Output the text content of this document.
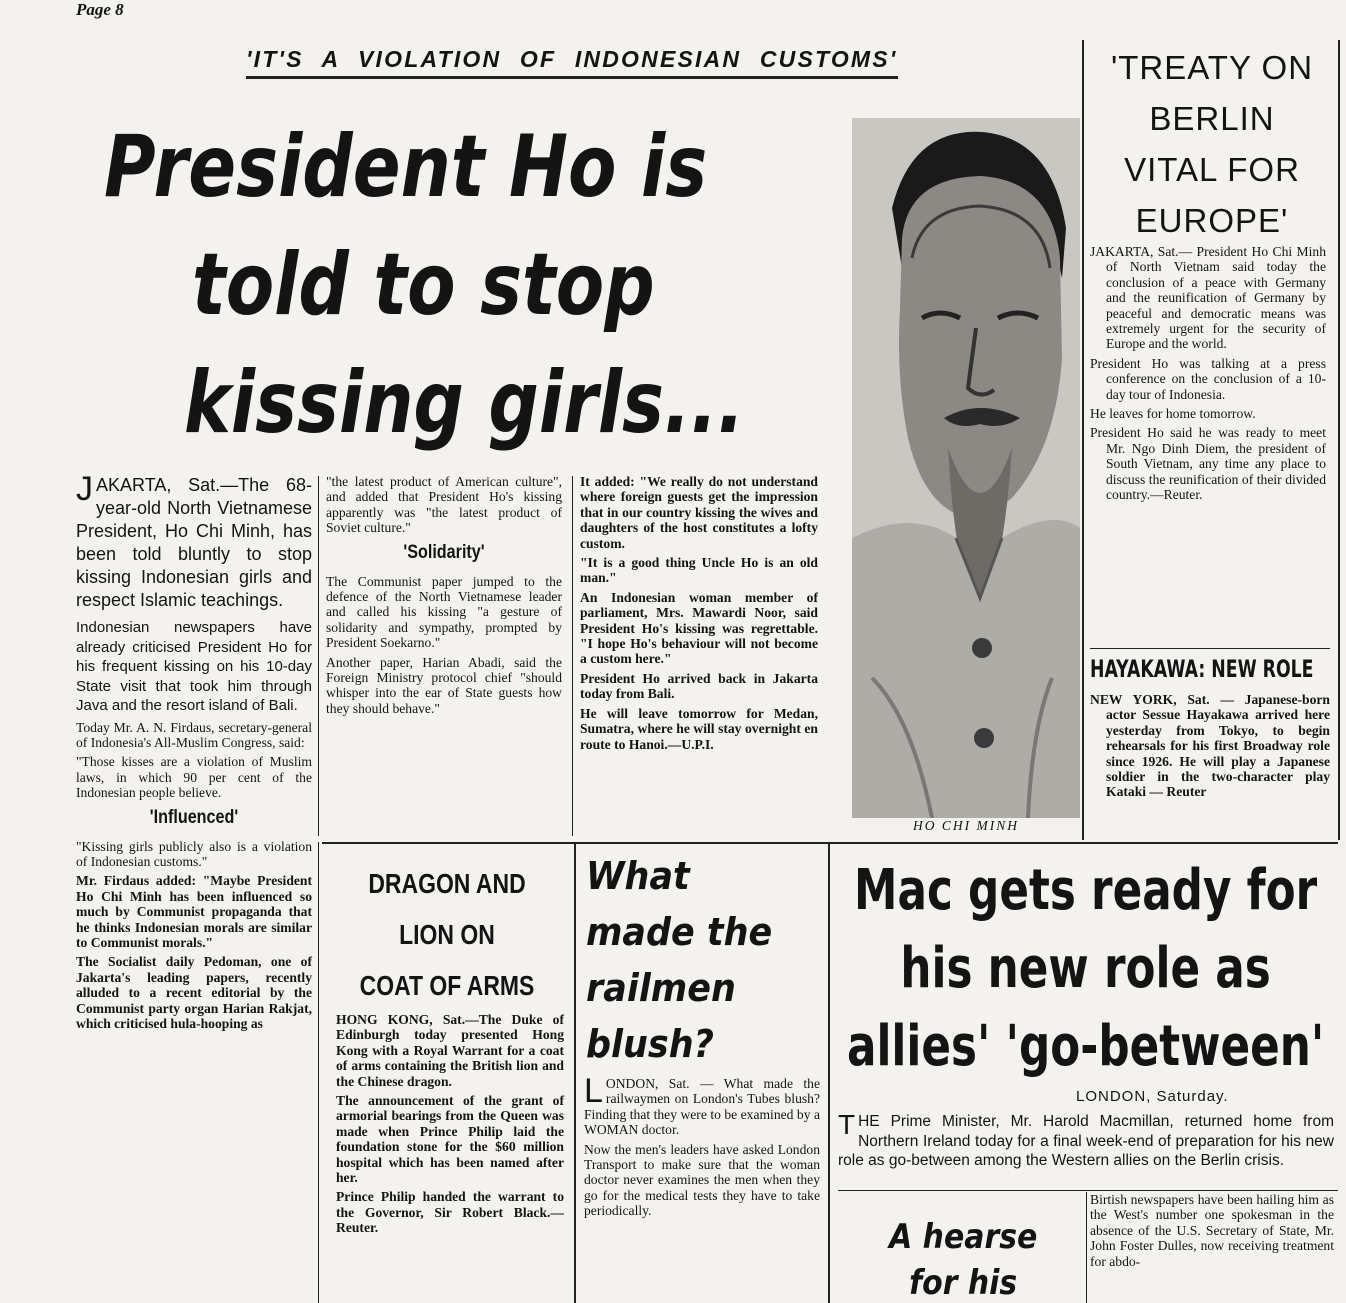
Page 8
'IT'S A VIOLATION OF INDONESIAN CUSTOMS'
President Ho is
told to stop
kissing girls...
JAKARTA, Sat.—The 68-year-old North Vietnamese President, Ho Chi Minh, has been told bluntly to stop kissing Indonesian girls and respect Islamic teachings.
Indonesian newspapers have already criticised President Ho for his frequent kissing on his 10-day State visit that took him through Java and the resort island of Bali.
Today Mr. A. N. Firdaus, secretary-general of Indonesia's All-Muslim Congress, said:
"Those kisses are a violation of Muslim laws, in which 90 per cent of the Indonesian people believe.
'Influenced'
"Kissing girls publicly also is a violation of Indonesian customs."
Mr. Firdaus added: "Maybe President Ho Chi Minh has been influenced so much by Communist propaganda that he thinks Indonesian morals are similar to Communist morals."
The Socialist daily Pedoman, one of Jakarta's leading papers, recently alluded to a recent editorial by the Communist party organ Harian Rakjat, which criticised hula-hooping as
"the latest product of American culture", and added that President Ho's kissing apparently was "the latest product of Soviet culture."
'Solidarity'
The Communist paper jumped to the defence of the North Vietnamese leader and called his kissing "a gesture of solidarity and sympathy, prompted by President Soekarno."
Another paper, Harian Abadi, said the Foreign Ministry protocol chief "should whisper into the ear of State guests how they should behave."
It added: "We really do not understand where foreign guests get the impression that in our country kissing the wives and daughters of the host constitutes a lofty custom.
"It is a good thing Uncle Ho is an old man."
An Indonesian woman member of parliament, Mrs. Mawardi Noor, said President Ho's kissing was regrettable. "I hope Ho's behaviour will not become a custom here."
President Ho arrived back in Jakarta today from Bali.
He will leave tomorrow for Medan, Sumatra, where he will stay overnight en route to Hanoi.—U.P.I.
HO CHI MINH
'TREATY ON
BERLIN
VITAL FOR
EUROPE'
JAKARTA, Sat.— President Ho Chi Minh of North Vietnam said today the conclusion of a peace with Germany and the reunification of Germany by peaceful and democratic means was extremely urgent for the security of Europe and the world.
President Ho was talking at a press conference on the conclusion of a 10-day tour of Indonesia.
He leaves for home tomorrow.
President Ho said he was ready to meet Mr. Ngo Dinh Diem, the president of South Vietnam, any time any place to discuss the reunification of their divided country.—Reuter.
HAYAKAWA: NEW ROLE
NEW YORK, Sat. — Japanese-born actor Sessue Hayakawa arrived here yesterday from Tokyo, to begin rehearsals for his first Broadway role since 1926. He will play a Japanese soldier in the two-character play Kataki — Reuter
DRAGON AND
LION ON
COAT OF ARMS
HONG KONG, Sat.—The Duke of Edinburgh today presented Hong Kong with a Royal Warrant for a coat of arms containing the British lion and the Chinese dragon.
The announcement of the grant of armorial bearings from the Queen was made when Prince Philip laid the foundation stone for the $60 million hospital which has been named after her.
Prince Philip handed the warrant to the Governor, Sir Robert Black.—Reuter.
What
made the
railmen
blush?
LONDON, Sat. — What made the railwaymen on London's Tubes blush? Finding that they were to be examined by a WOMAN doctor.
Now the men's leaders have asked London Transport to make sure that the woman doctor never examines the men when they go for the medical tests they have to take periodically.
Mac gets ready for
his new role as
allies' 'go-between'
LONDON, Saturday.
THE Prime Minister, Mr. Harold Macmillan, returned home from Northern Ireland today for a final week-end of preparation for his new role as go-between among the Western allies on the Berlin crisis.
Birtish newspapers have been hailing him as the West's number one spokesman in the absence of the U.S. Secretary of State, Mr. John Foster Dulles, now receiving treatment for abdo-
A hearse
for his
